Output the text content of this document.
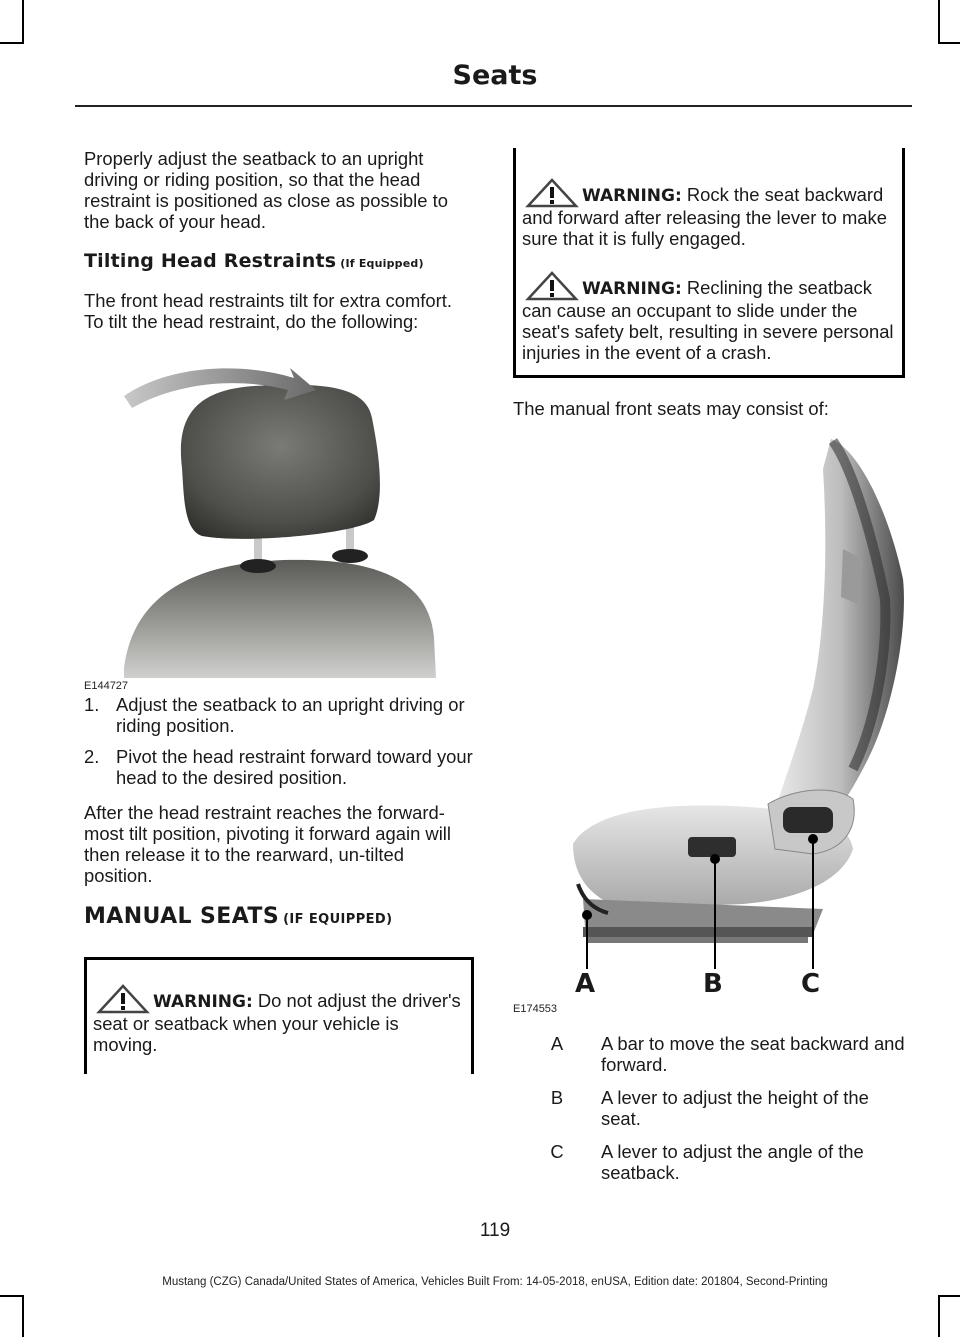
Seats

Properly adjust the seatback to an upright driving or riding position, so that the head restraint is positioned as close as possible to the back of your head.

Tilting Head Restraints (If Equipped)

The front head restraints tilt for extra comfort. To tilt the head restraint, do the following:

E144727
1. Adjust the seatback to an upright driving or riding position.
2. Pivot the head restraint forward toward your head to the desired position.

After the head restraint reaches the forward-most tilt position, pivoting it forward again will then release it to the rearward, un-tilted position.

MANUAL SEATS (IF EQUIPPED)

WARNING: Do not adjust the driver's seat or seatback when your vehicle is moving.

WARNING: Rock the seat backward and forward after releasing the lever to make sure that it is fully engaged.

WARNING: Reclining the seatback can cause an occupant to slide under the seat's safety belt, resulting in severe personal injuries in the event of a crash.

The manual front seats may consist of:

A	B	C
E174553
A	A bar to move the seat backward and forward.
B	A lever to adjust the height of the seat.
C	A lever to adjust the angle of the seatback.
119
Mustang (CZG) Canada/United States of America, Vehicles Built From: 14-05-2018, enUSA, Edition date: 201804, Second-Printing
